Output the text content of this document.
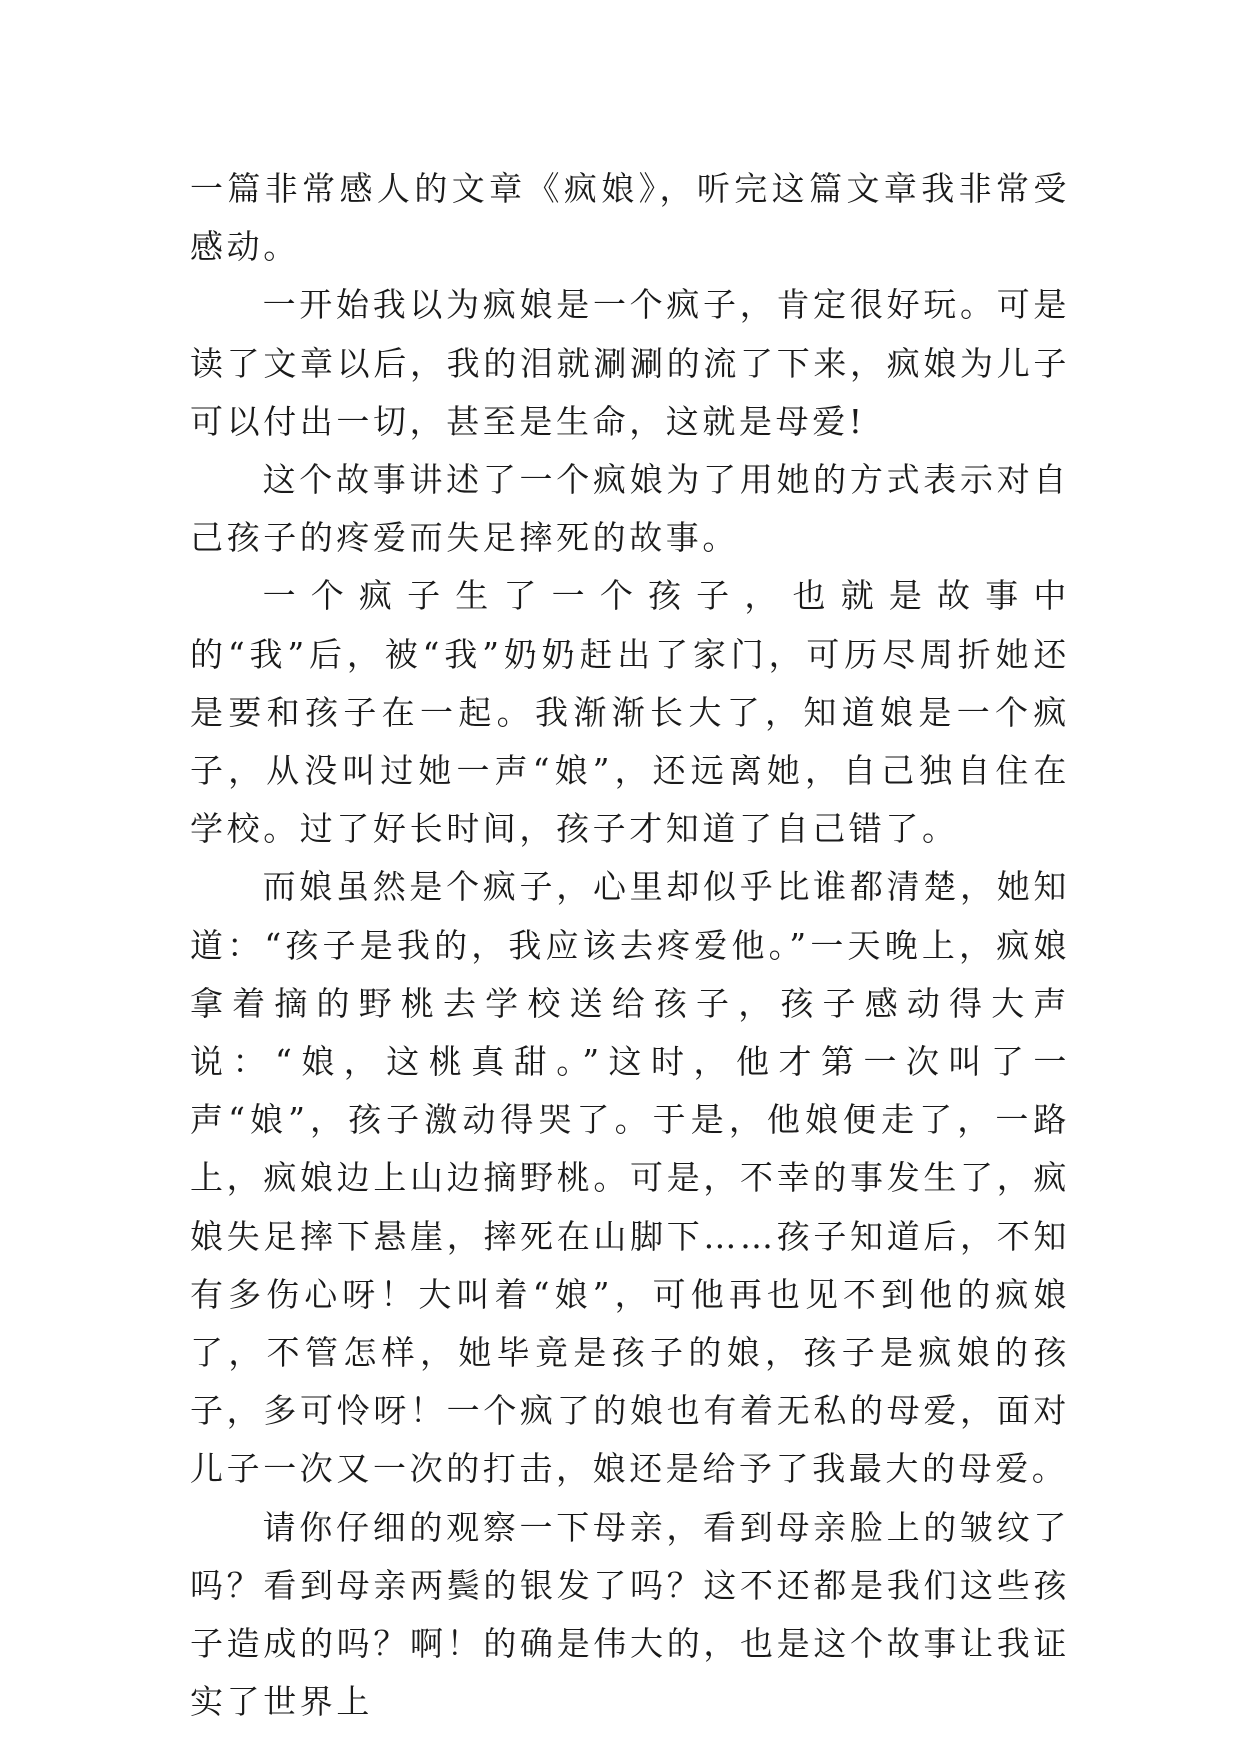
一篇非常感人的文章《疯娘》，听完这篇文章我非常受感动。

一开始我以为疯娘是一个疯子，肯定很好玩。可是读了文章以后，我的泪就涮涮的流了下来，疯娘为儿子可以付出一切，甚至是生命，这就是母爱!

这个故事讲述了一个疯娘为了用她的方式表示对自己孩子的疼爱而失足摔死的故事。

一个疯子生了一个孩子，也就是故事中的“我”后，被“我”奶奶赶出了家门，可历尽周折她还是要和孩子在一起。我渐渐长大了，知道娘是一个疯子，从没叫过她一声“娘”，还远离她，自己独自住在学校。过了好长时间，孩子才知道了自己错了。

而娘虽然是个疯子，心里却似乎比谁都清楚，她知道：“孩子是我的，我应该去疼爱他。”一天晚上，疯娘拿着摘的野桃去学校送给孩子，孩子感动得大声说：“娘，这桃真甜。”这时，他才第一次叫了一声“娘”，孩子激动得哭了。于是，他娘便走了，一路上，疯娘边上山边摘野桃。可是，不幸的事发生了，疯娘失足摔下悬崖，摔死在山脚下……孩子知道后，不知有多伤心呀！大叫着“娘”，可他再也见不到他的疯娘了，不管怎样，她毕竟是孩子的娘，孩子是疯娘的孩子，多可怜呀！一个疯了的娘也有着无私的母爱，面对儿子一次又一次的打击，娘还是给予了我最大的母爱。

请你仔细的观察一下母亲，看到母亲脸上的皱纹了吗？看到母亲两鬓的银发了吗？这不还都是我们这些孩子造成的吗？啊！的确是伟大的，也是这个故事让我证实了世界上
